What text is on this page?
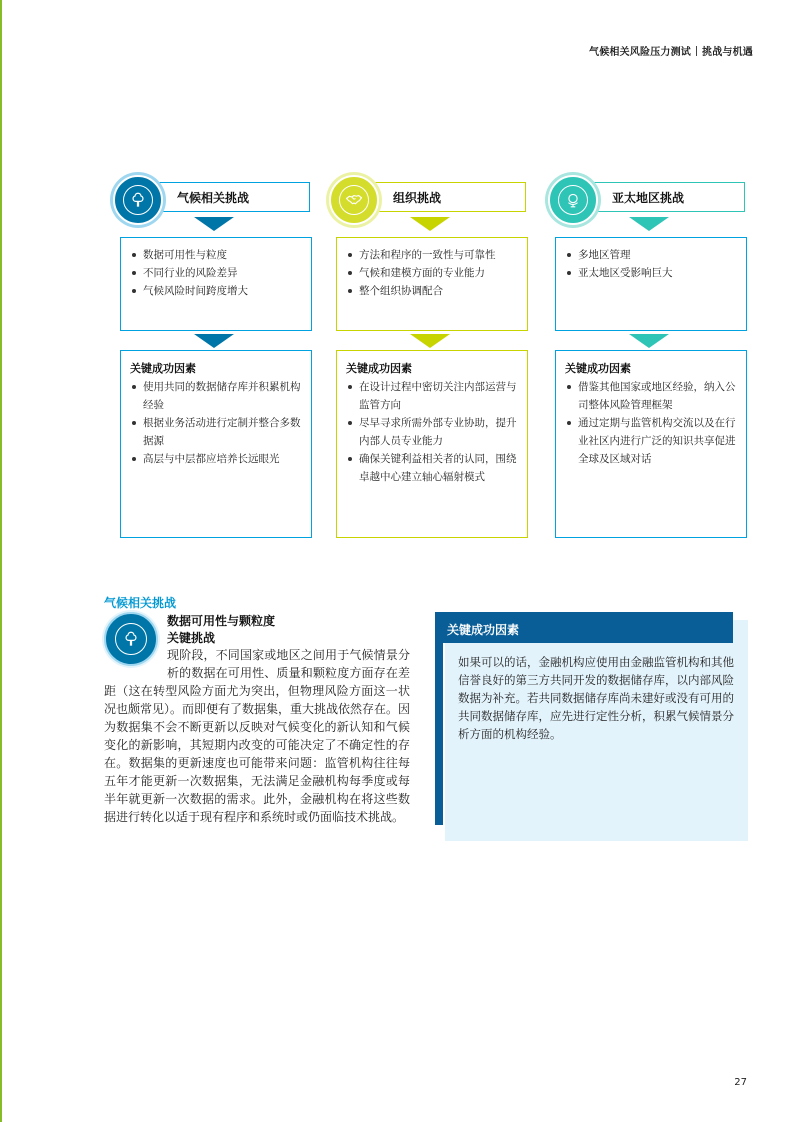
气候相关风险压力测试 挑战与机遇
气候相关挑战
数据可用性与粒度
不同行业的风险差异
气候风险时间跨度增大
关键成功因素
使用共同的数据储存库并积累机构经验
根据业务活动进行定制并整合多数据源
高层与中层都应培养长远眼光
组织挑战
方法和程序的一致性与可靠性
气候和建模方面的专业能力
整个组织协调配合
关键成功因素
在设计过程中密切关注内部运营与监管方向
尽早寻求所需外部专业协助，提升内部人员专业能力
确保关键利益相关者的认同，围绕卓越中心建立轴心辐射模式
亚太地区挑战
多地区管理
亚太地区受影响巨大
关键成功因素
借鉴其他国家或地区经验，纳入公司整体风险管理框架
通过定期与监管机构交流以及在行业社区内进行广泛的知识共享促进全球及区域对话
气候相关挑战
数据可用性与颗粒度
关键挑战
现阶段，不同国家或地区之间用于气候情景分析的数据在可用性、质量和颗粒度方面存在差距（这在转型风险方面尤为突出，但物理风险方面这一状况也颇常见）。而即便有了数据集，重大挑战依然存在。因为数据集不会不断更新以反映对气候变化的新认知和气候变化的新影响，其短期内改变的可能决定了不确定性的存在。数据集的更新速度也可能带来问题：监管机构往往每五年才能更新一次数据集，无法满足金融机构每季度或每半年就更新一次数据的需求。此外，金融机构在将这些数据进行转化以适于现有程序和系统时或仍面临技术挑战。
关键成功因素
如果可以的话，金融机构应使用由金融监管机构和其他信誉良好的第三方共同开发的数据储存库，以内部风险数据为补充。若共同数据储存库尚未建好或没有可用的共同数据储存库，应先进行定性分析，积累气候情景分析方面的机构经验。
27
